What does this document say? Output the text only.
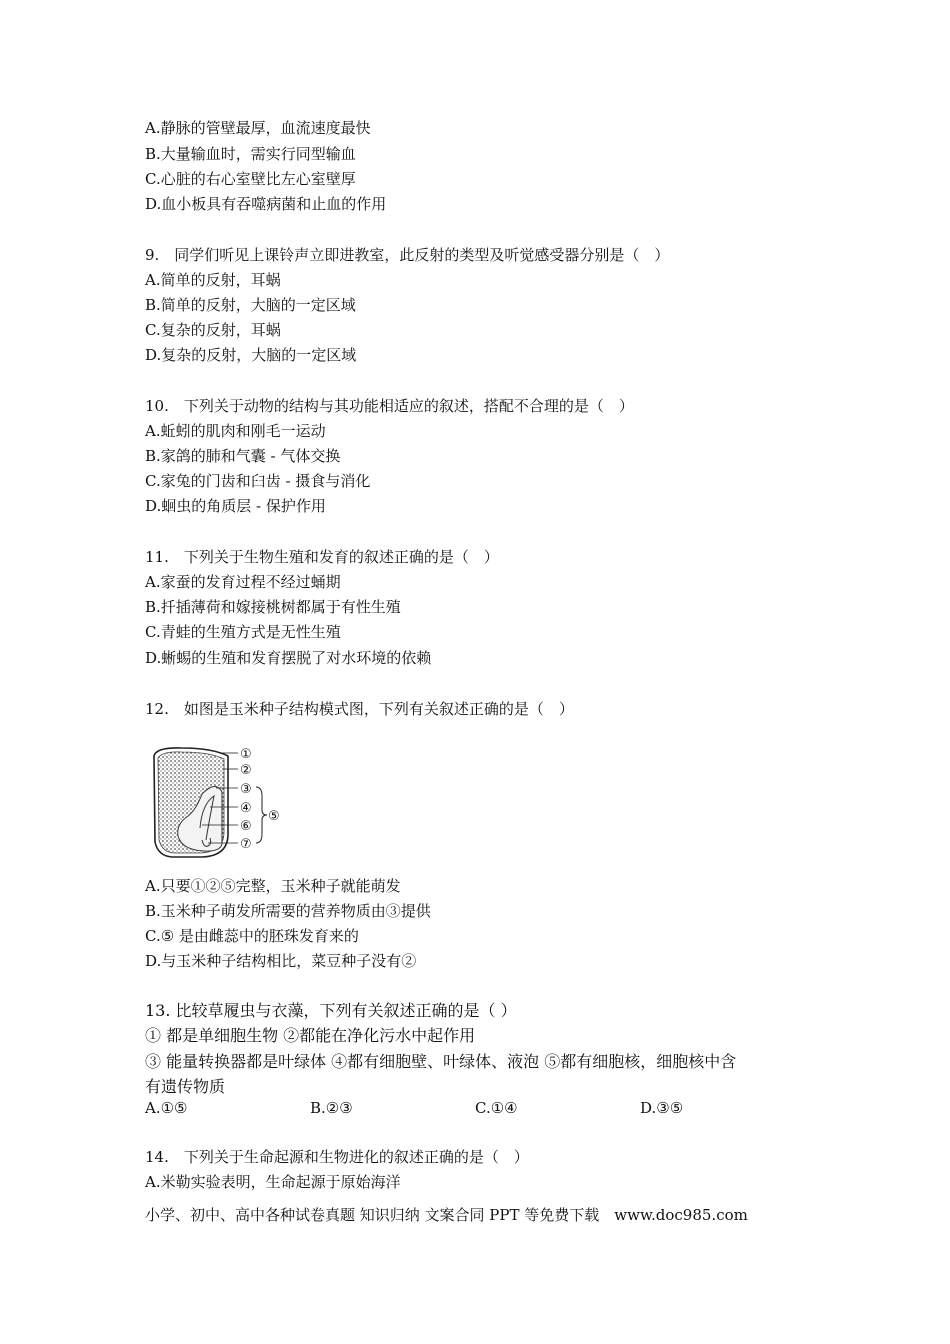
A.静脉的管壁最厚，血流速度最快
B.大量输血时，需实行同型输血
C.心脏的右心室壁比左心室壁厚
D.血小板具有吞噬病菌和止血的作用
9.　同学们听见上课铃声立即进教室，此反射的类型及听觉感受器分别是（　）
A.简单的反射，耳蜗
B.简单的反射，大脑的一定区域
C.复杂的反射，耳蜗
D.复杂的反射，大脑的一定区域
10.　下列关于动物的结构与其功能相适应的叙述，搭配不合理的是（　）
A.蚯蚓的肌肉和刚毛一运动
B.家鸽的肺和气囊 - 气体交换
C.家兔的门齿和臼齿 - 摄食与消化
D.蛔虫的角质层 - 保护作用
11.　下列关于生物生殖和发育的叙述正确的是（　）
A.家蚕的发育过程不经过蛹期
B.扦插薄荷和嫁接桃树都属于有性生殖
C.青蛙的生殖方式是无性生殖
D.蜥蜴的生殖和发育摆脱了对水环境的依赖
12.　如图是玉米种子结构模式图，下列有关叙述正确的是（　）
①
②
③
④
⑥
⑦
⑤
A.只要①②⑤完整，玉米种子就能萌发
B.玉米种子萌发所需要的营养物质由③提供
C.⑤ 是由雌蕊中的胚珠发育来的
D.与玉米种子结构相比，菜豆种子没有②
13. 比较草履虫与衣藻，下列有关叙述正确的是（ ）
① 都是单细胞生物 ②都能在净化污水中起作用
③ 能量转换器都是叶绿体 ④都有细胞壁、叶绿体、液泡 ⑤都有细胞核，细胞核中含
有遗传物质
A.①⑤	B.②③	C.①④	D.③⑤
14.　下列关于生命起源和生物进化的叙述正确的是（　）
A.米勒实验表明，生命起源于原始海洋
小学、初中、高中各种试卷真题 知识归纳 文案合同 PPT 等免费下载　www.doc985.com
